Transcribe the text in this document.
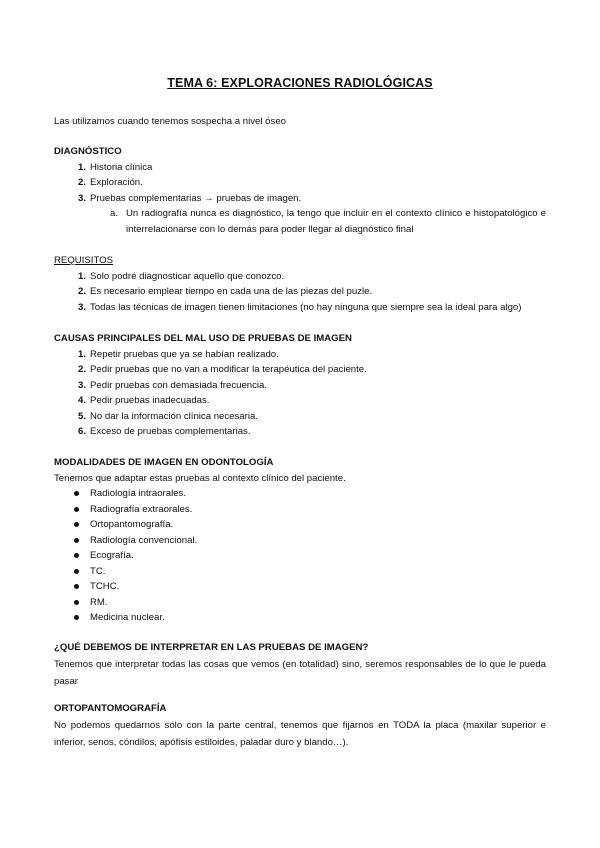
TEMA 6: EXPLORACIONES RADIOLÓGICAS
Las utilizamos cuando tenemos sospecha a nivel óseo
DIAGNÓSTICO
1. Historia clínica
2. Exploración.
3. Pruebas complementarias → pruebas de imagen.
a. Un radiografía nunca es diagnóstico, la tengo que incluir en el contexto clínico e histopatológico e interrelacionarse con lo demás para poder llegar al diagnóstico final
REQUISITOS
1. Solo podré diagnosticar aquello que conozco.
2. Es necesario emplear tiempo en cada una de las piezas del puzle.
3. Todas las técnicas de imagen tienen limitaciones (no hay ninguna que siempre sea la ideal para algo)
CAUSAS PRINCIPALES DEL MAL USO DE PRUEBAS DE IMAGEN
1. Repetir pruebas que ya se habían realizado.
2. Pedir pruebas que no van a modificar la terapéutica del paciente.
3. Pedir pruebas con demasiada frecuencia.
4. Pedir pruebas inadecuadas.
5. No dar la información clínica necesaria.
6. Exceso de pruebas complementarias.
MODALIDADES DE IMAGEN EN ODONTOLOGÍA
Tenemos que adaptar estas pruebas al contexto clínico del paciente.
Radiología intraorales.
Radiografía extraorales.
Ortopantomografía.
Radiología convencional.
Ecografía.
TC.
TCHC.
RM.
Medicina nuclear.
¿QUÉ DEBEMOS DE INTERPRETAR EN LAS PRUEBAS DE IMAGEN?
Tenemos que interpretar todas las cosas que vemos (en totalidad) sino, seremos responsables de lo que le pueda pasar
ORTOPANTOMOGRAFÍA
No podemos quedarnos sólo con la parte central, tenemos que fijarnos en TODA la placa (maxilar superior e inferior, senos, cóndilos, apófisis estiloides, paladar duro y blando…).
